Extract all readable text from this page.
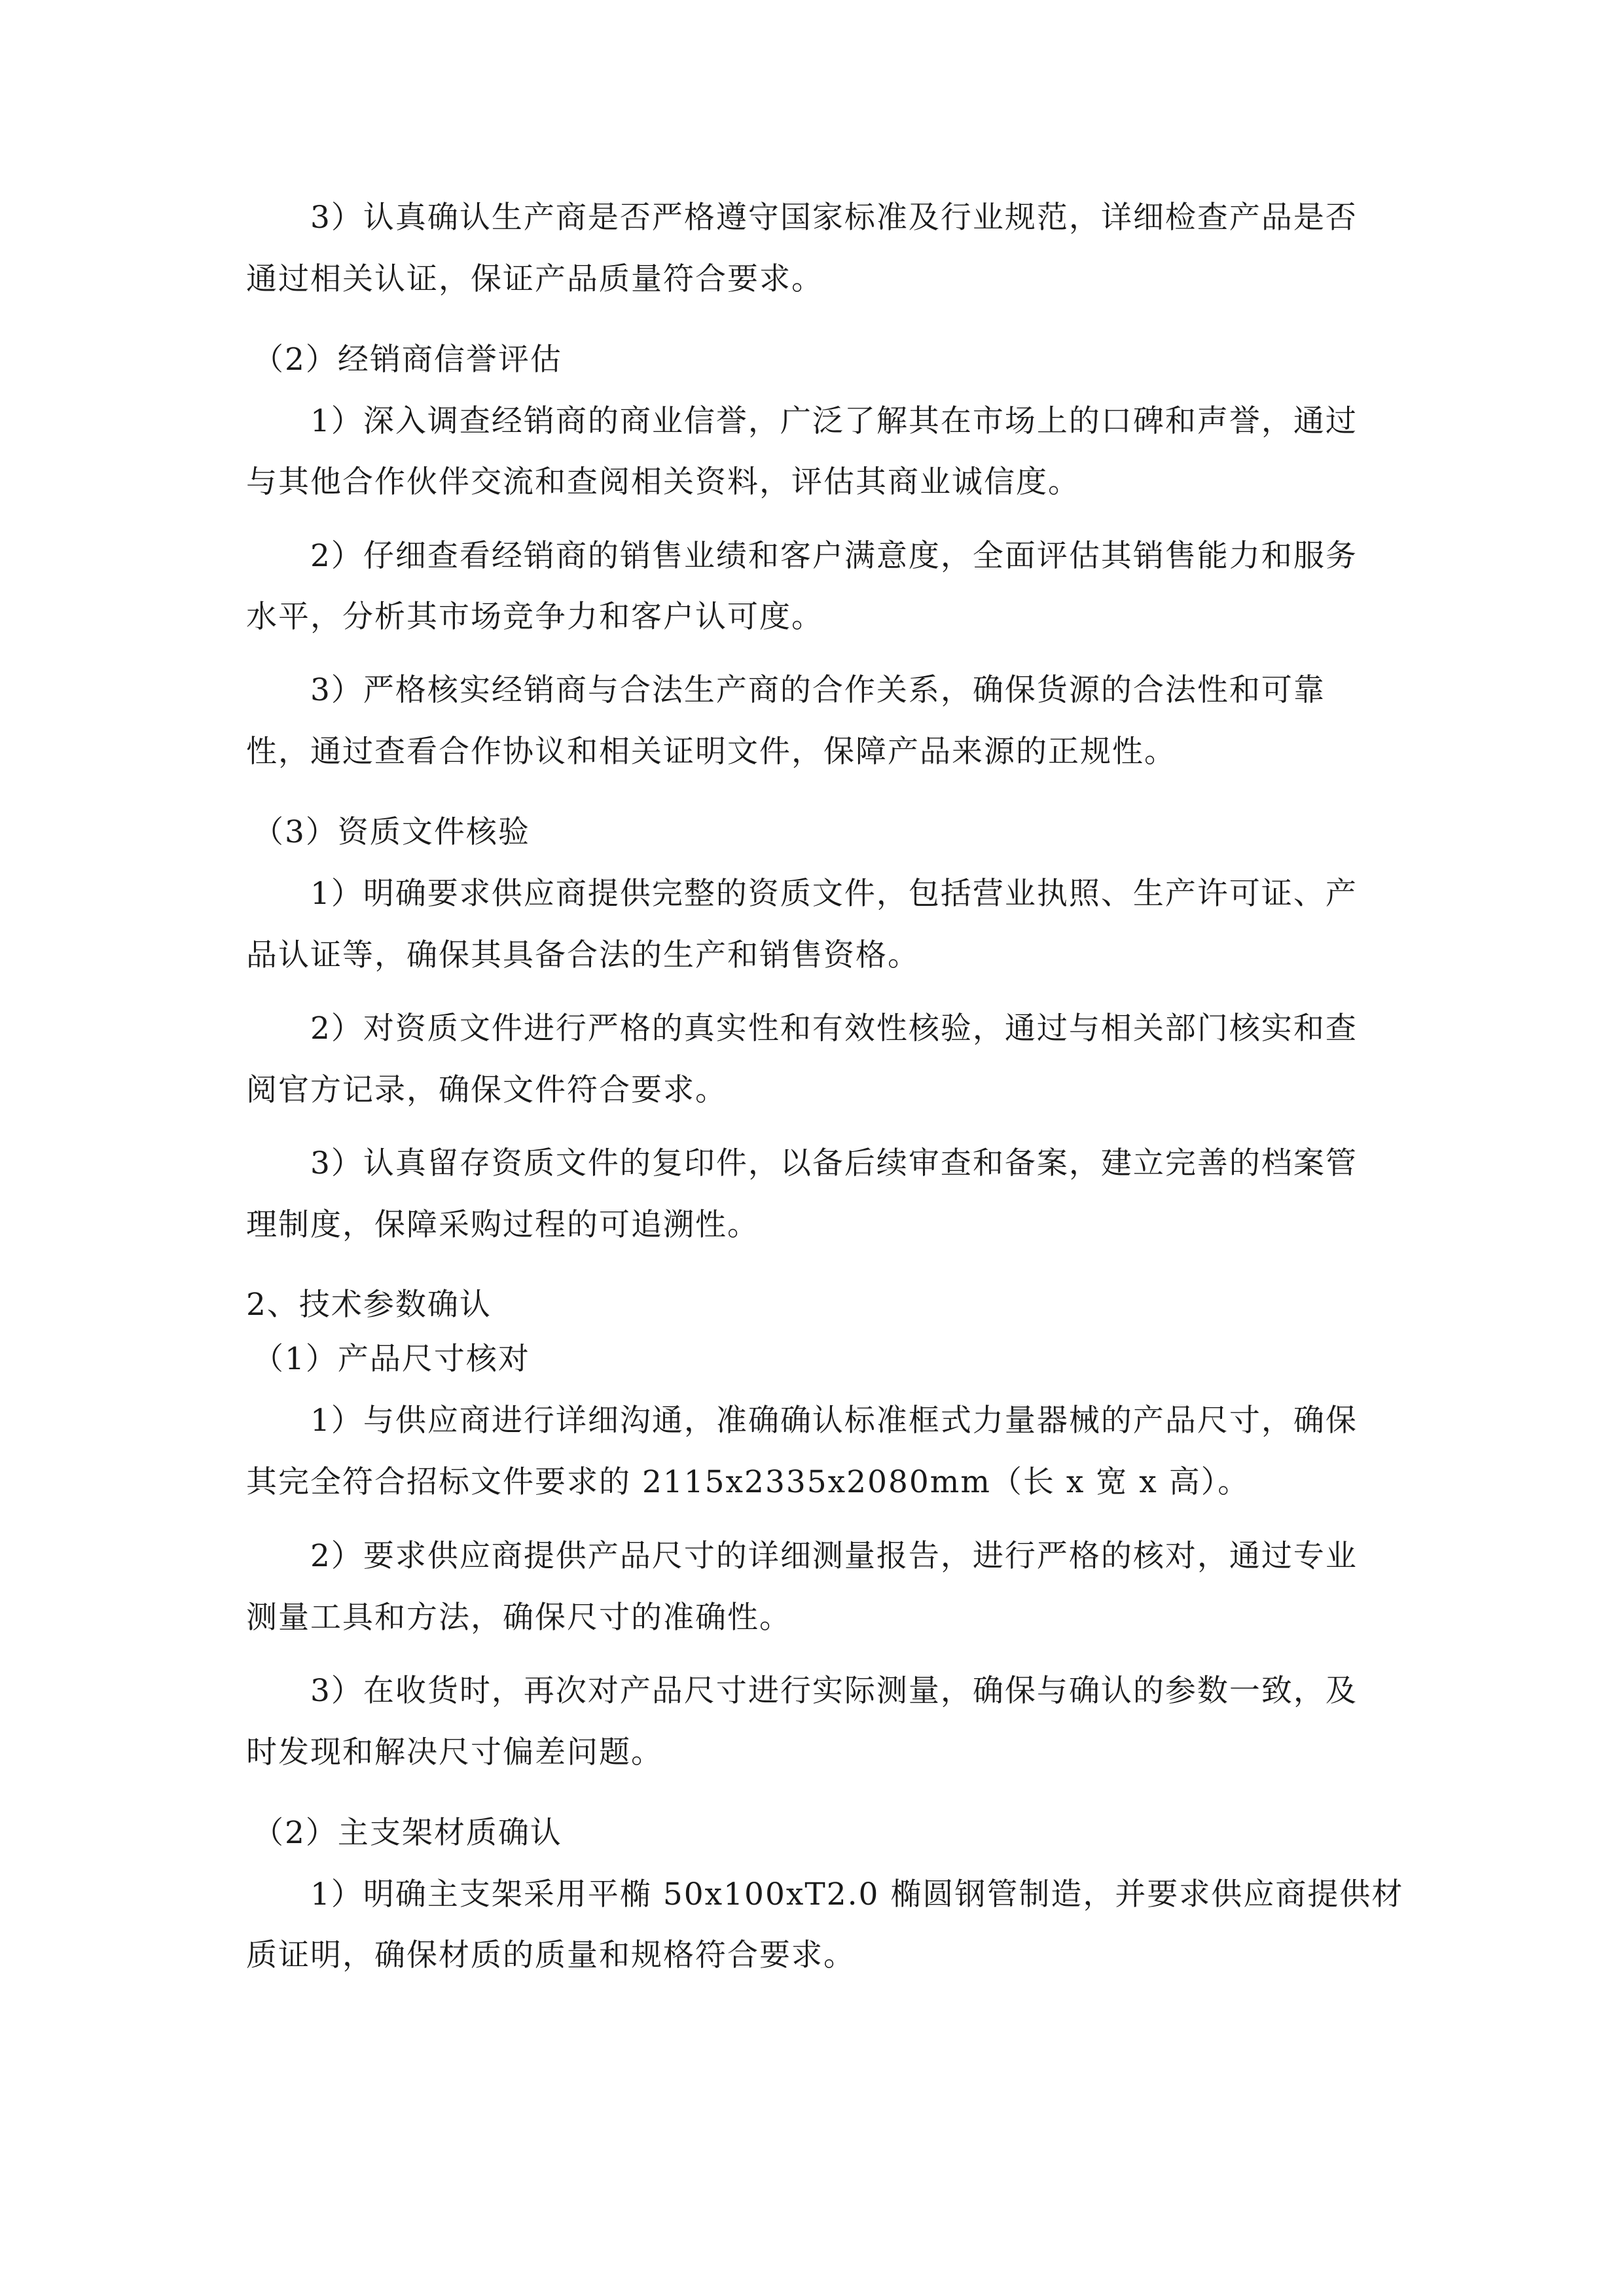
3）认真确认生产商是否严格遵守国家标准及行业规范，详细检查产品是否
通过相关认证，保证产品质量符合要求。
（2）经销商信誉评估
1）深入调查经销商的商业信誉，广泛了解其在市场上的口碑和声誉，通过
与其他合作伙伴交流和查阅相关资料，评估其商业诚信度。
2）仔细查看经销商的销售业绩和客户满意度，全面评估其销售能力和服务
水平，分析其市场竞争力和客户认可度。
3）严格核实经销商与合法生产商的合作关系，确保货源的合法性和可靠
性，通过查看合作协议和相关证明文件，保障产品来源的正规性。
（3）资质文件核验
1）明确要求供应商提供完整的资质文件，包括营业执照、生产许可证、产
品认证等，确保其具备合法的生产和销售资格。
2）对资质文件进行严格的真实性和有效性核验，通过与相关部门核实和查
阅官方记录，确保文件符合要求。
3）认真留存资质文件的复印件，以备后续审查和备案，建立完善的档案管
理制度，保障采购过程的可追溯性。
2、技术参数确认
（1）产品尺寸核对
1）与供应商进行详细沟通，准确确认标准框式力量器械的产品尺寸，确保
其完全符合招标文件要求的 2115x2335x2080mm（长 x 宽 x 高）。
2）要求供应商提供产品尺寸的详细测量报告，进行严格的核对，通过专业
测量工具和方法，确保尺寸的准确性。
3）在收货时，再次对产品尺寸进行实际测量，确保与确认的参数一致，及
时发现和解决尺寸偏差问题。
（2）主支架材质确认
1）明确主支架采用平椭 50x100xT2.0 椭圆钢管制造，并要求供应商提供材
质证明，确保材质的质量和规格符合要求。
